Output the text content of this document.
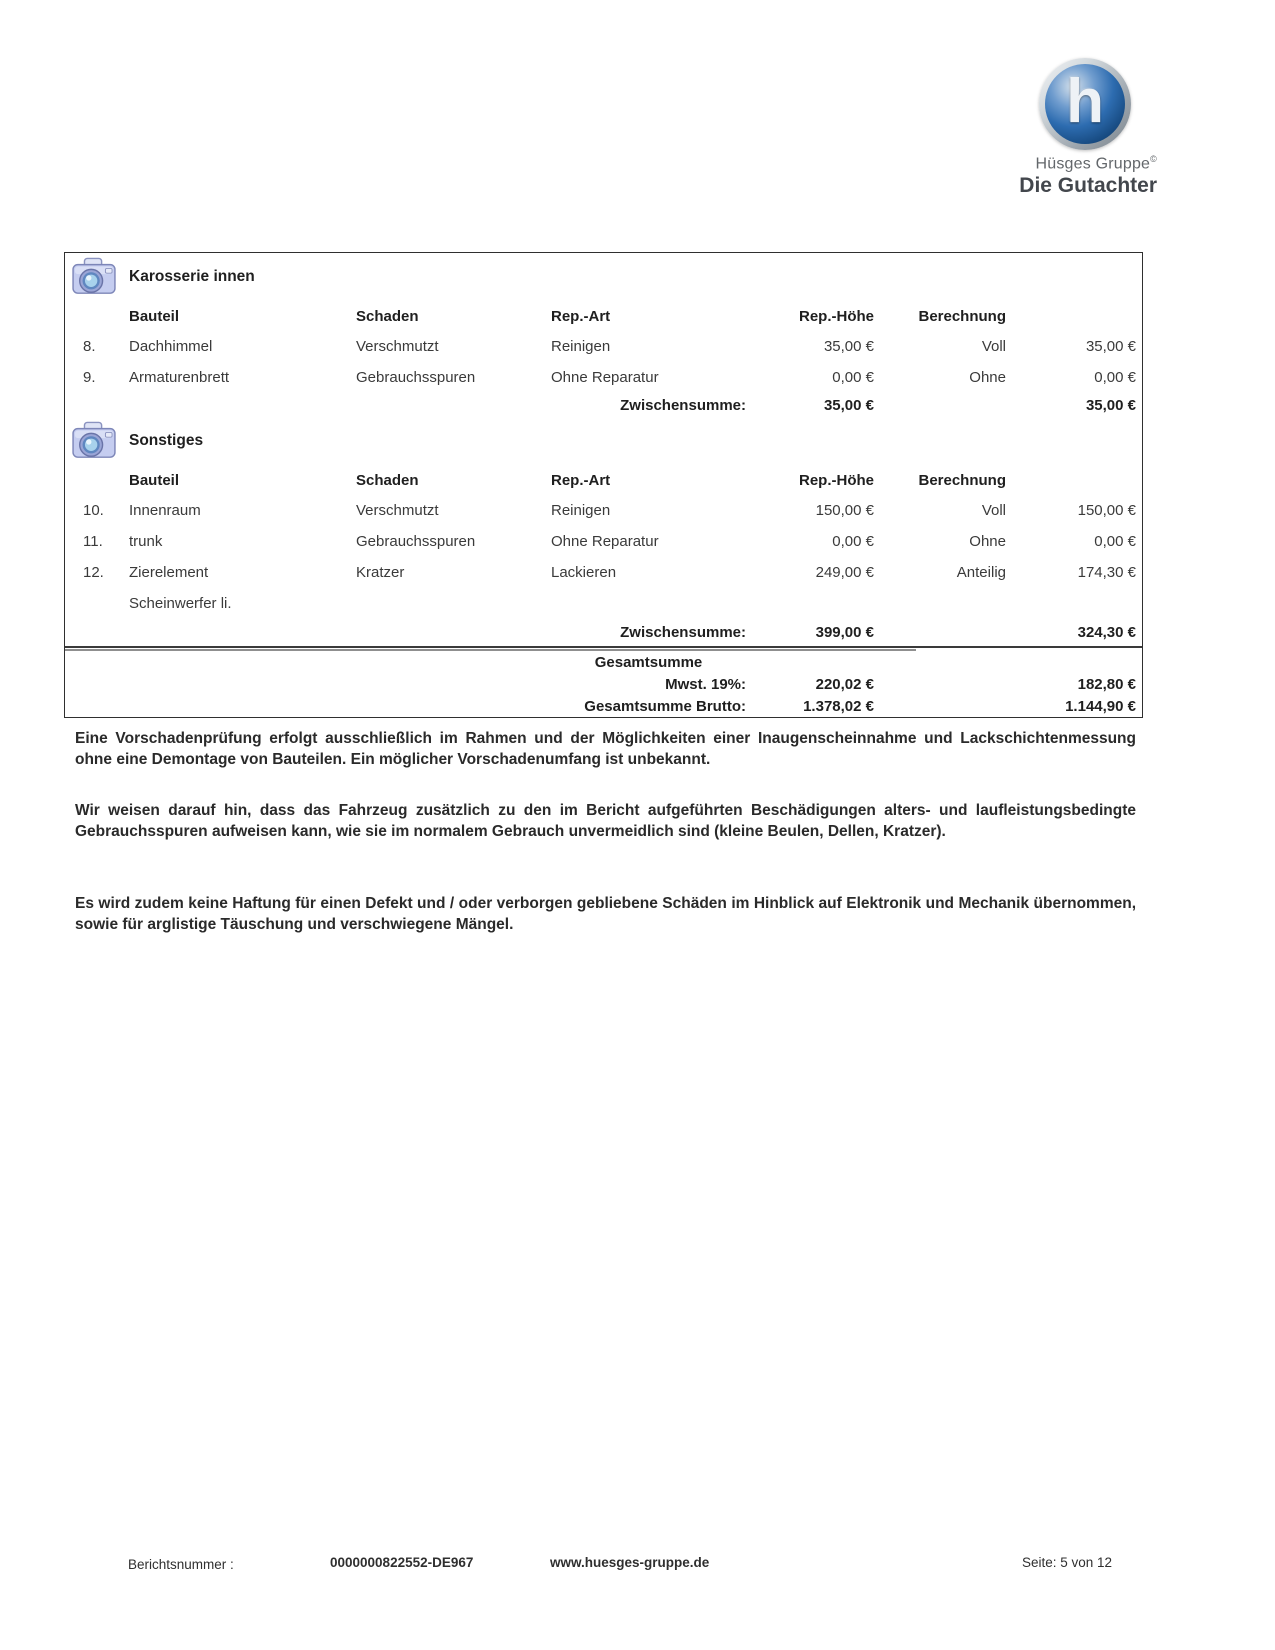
h
Hüsges Gruppe©
Die Gutachter
Karosserie innen
Bauteil	Schaden	Rep.-Art	Rep.-Höhe	Berechnung
8.	Dachhimmel	Verschmutzt	Reinigen	35,00 €	Voll	35,00 €
9.	Armaturenbrett	Gebrauchsspuren	Ohne Reparatur	0,00 €	Ohne	0,00 €
Zwischensumme:	35,00 €	35,00 €
Sonstiges
Bauteil	Schaden	Rep.-Art	Rep.-Höhe	Berechnung
10.	Innenraum	Verschmutzt	Reinigen	150,00 €	Voll	150,00 €
11.	trunk	Gebrauchsspuren	Ohne Reparatur	0,00 €	Ohne	0,00 €
12.	Zierelement	Kratzer	Lackieren	249,00 €	Anteilig	174,30 €
Scheinwerfer li.
Zwischensumme:	399,00 €	324,30 €
Gesamtsumme
Mwst. 19%:	220,02 €	182,80 €
Gesamtsumme Brutto:	1.378,02 €	1.144,90 €
Eine Vorschadenprüfung erfolgt ausschließlich im Rahmen und der Möglichkeiten einer Inaugenscheinnahme und Lackschichtenmessung ohne eine Demontage von Bauteilen. Ein möglicher Vorschadenumfang ist unbekannt.
Wir weisen darauf hin, dass das Fahrzeug zusätzlich zu den im Bericht aufgeführten Beschädigungen alters- und laufleistungsbedingte Gebrauchsspuren aufweisen kann, wie sie im normalem Gebrauch unvermeidlich sind (kleine Beulen, Dellen, Kratzer).
Es wird zudem keine Haftung für einen Defekt und / oder verborgen gebliebene Schäden im Hinblick auf Elektronik und Mechanik übernommen, sowie für arglistige Täuschung und verschwiegene Mängel.
Berichtsnummer :	0000000822552-DE967	www.huesges-gruppe.de	Seite: 5 von 12
